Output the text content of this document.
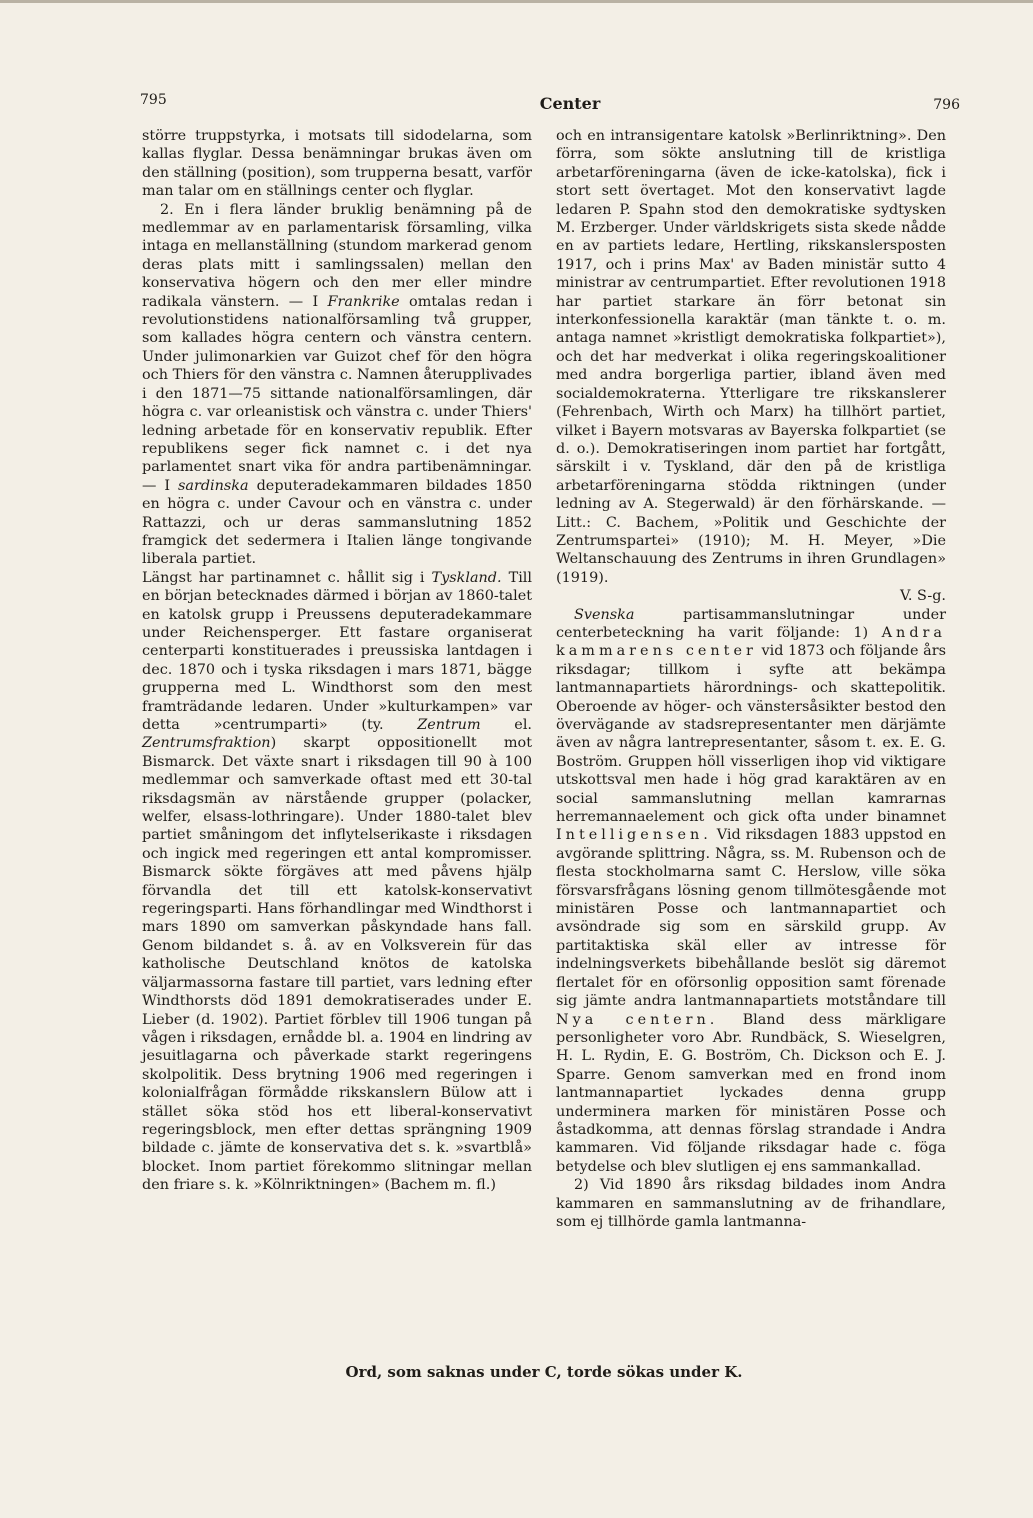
795	Center	796

större truppstyrka, i motsats till sidodelarna, som kallas flyglar. Dessa benämningar brukas även om den ställning (position), som trupperna besatt, varför man talar om en ställnings center och flyglar.

2. En i flera länder bruklig benämning på de medlemmar av en parlamentarisk församling, vilka intaga en mellanställning (stundom markerad genom deras plats mitt i samlingssalen) mellan den konservativa högern och den mer eller mindre radikala vänstern. — I Frankrike omtalas redan i revolutionstidens nationalförsamling två grupper, som kallades högra centern och vänstra centern. Under julimonarkien var Guizot chef för den högra och Thiers för den vänstra c. Namnen återupplivades i den 1871—75 sittande nationalförsamlingen, där högra c. var orleanistisk och vänstra c. under Thiers' ledning arbetade för en konservativ republik. Efter republikens seger fick namnet c. i det nya parlamentet snart vika för andra partibenämningar. — I sardinska deputeradekammaren bildades 1850 en högra c. under Cavour och en vänstra c. under Rattazzi, och ur deras sammanslutning 1852 framgick det sedermera i Italien länge tongivande liberala partiet.

Längst har partinamnet c. hållit sig i Tyskland. Till en början betecknades därmed i början av 1860-talet en katolsk grupp i Preussens deputeradekammare under Reichensperger. Ett fastare organiserat centerparti konstituerades i preussiska lantdagen i dec. 1870 och i tyska riksdagen i mars 1871, bägge grupperna med L. Windthorst som den mest framträdande ledaren. Under »kulturkampen» var detta »centrumparti» (ty. Zentrum el. Zentrumsfraktion) skarpt oppositionellt mot Bismarck. Det växte snart i riksdagen till 90 à 100 medlemmar och samverkade oftast med ett 30-tal riksdagsmän av närstående grupper (polacker, welfer, elsass-lothringare). Under 1880-talet blev partiet småningom det inflytelserikaste i riksdagen och ingick med regeringen ett antal kompromisser. Bismarck sökte förgäves att med påvens hjälp förvandla det till ett katolsk-konservativt regeringsparti. Hans förhandlingar med Windthorst i mars 1890 om samverkan påskyndade hans fall. Genom bildandet s. å. av en Volksverein für das katholische Deutschland knötos de katolska väljarmassorna fastare till partiet, vars ledning efter Windthorsts död 1891 demokratiserades under E. Lieber (d. 1902). Partiet förblev till 1906 tungan på vågen i riksdagen, ernådde bl. a. 1904 en lindring av jesuitlagarna och påverkade starkt regeringens skolpolitik. Dess brytning 1906 med regeringen i kolonialfrågan förmådde rikskanslern Bülow att i stället söka stöd hos ett liberal-konservativt regeringsblock, men efter dettas sprängning 1909 bildade c. jämte de konservativa det s. k. »svartblå» blocket. Inom partiet förekommo slitningar mellan den friare s. k. »Kölnriktningen» (Bachem m. fl.)

och en intransigentare katolsk »Berlinriktning». Den förra, som sökte anslutning till de kristliga arbetarföreningarna (även de icke-katolska), fick i stort sett övertaget. Mot den konservativt lagde ledaren P. Spahn stod den demokratiske sydtysken M. Erzberger. Under världskrigets sista skede nådde en av partiets ledare, Hertling, rikskanslersposten 1917, och i prins Max' av Baden ministär sutto 4 ministrar av centrumpartiet. Efter revolutionen 1918 har partiet starkare än förr betonat sin interkonfessionella karaktär (man tänkte t. o. m. antaga namnet »kristligt demokratiska folkpartiet»), och det har medverkat i olika regeringskoalitioner med andra borgerliga partier, ibland även med socialdemokraterna. Ytterligare tre rikskanslerer (Fehrenbach, Wirth och Marx) ha tillhört partiet, vilket i Bayern motsvaras av Bayerska folkpartiet (se d. o.). Demokratiseringen inom partiet har fortgått, särskilt i v. Tyskland, där den på de kristliga arbetarföreningarna stödda riktningen (under ledning av A. Stegerwald) är den förhärskande. — Litt.: C. Bachem, »Politik und Geschichte der Zentrumspartei» (1910); M. H. Meyer, »Die Weltanschauung des Zentrums in ihren Grundlagen» (1919).

V. S-g.

Svenska partisammanslutningar under centerbeteckning ha varit följande: 1) Andra kammarens center vid 1873 och följande års riksdagar; tillkom i syfte att bekämpa lantmannapartiets härordnings- och skattepolitik. Oberoende av höger- och vänstersåsikter bestod den övervägande av stadsrepresentanter men därjämte även av några lantrepresentanter, såsom t. ex. E. G. Boström. Gruppen höll visserligen ihop vid viktigare utskottsval men hade i hög grad karaktären av en social sammanslutning mellan kamrarnas herremannaelement och gick ofta under binamnet Intelligensen. Vid riksdagen 1883 uppstod en avgörande splittring. Några, ss. M. Rubenson och de flesta stockholmarna samt C. Herslow, ville söka försvarsfrågans lösning genom tillmötesgående mot ministären Posse och lantmannapartiet och avsöndrade sig som en särskild grupp. Av partitaktiska skäl eller av intresse för indelningsverkets bibehållande beslöt sig däremot flertalet för en oförsonlig opposition samt förenade sig jämte andra lantmannapartiets motståndare till Nya centern. Bland dess märkligare personligheter voro Abr. Rundbäck, S. Wieselgren, H. L. Rydin, E. G. Boström, Ch. Dickson och E. J. Sparre. Genom samverkan med en frond inom lantmannapartiet lyckades denna grupp underminera marken för ministären Posse och åstadkomma, att dennas förslag strandade i Andra kammaren. Vid följande riksdagar hade c. föga betydelse och blev slutligen ej ens sammankallad.

2) Vid 1890 års riksdag bildades inom Andra kammaren en sammanslutning av de frihandlare, som ej tillhörde gamla lantmanna-

Ord, som saknas under C, torde sökas under K.
